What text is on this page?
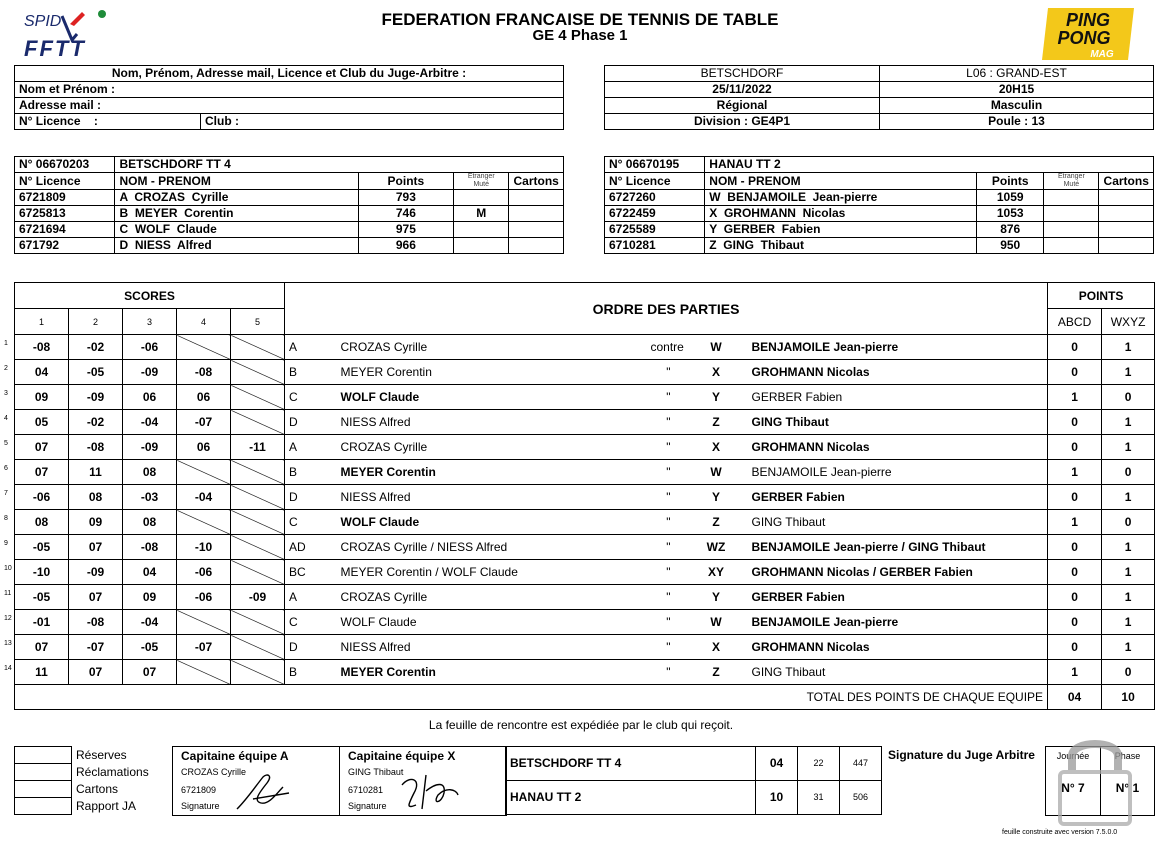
SPID
FFTT
FEDERATION FRANCAISE DE TENNIS DE TABLE
GE 4 Phase 1
PING
PONG
MAG
Nom, Prénom, Adresse mail, Licence et Club du Juge-Arbitre :
Nom et Prénom :
Adresse mail :
N° Licence    :	Club :
BETSCHDORF	L06 : GRAND-EST
25/11/2022	20H15
Régional	Masculin
Division : GE4P1	Poule : 13
N° 06670203	BETSCHDORF TT 4			
N° Licence	NOM - PRENOM	Points	Etranger
Muté	Cartons
6721809	A  CROZAS  Cyrille	793		
6725813	B  MEYER  Corentin	746	M	
6721694	C  WOLF  Claude	975		
671792	D  NIESS  Alfred	966		
N° 06670195	HANAU TT 2			
N° Licence	NOM - PRENOM	Points	Etranger
Muté	Cartons
6727260	W  BENJAMOILE  Jean-pierre	1059		
6722459	X  GROHMANN  Nicolas	1053		
6725589	Y  GERBER  Fabien	876		
6710281	Z  GING  Thibaut	950		
1
2
3
4
5
6
7
8
9
10
11
12
13
14
SCORES					ORDRE DES PARTIES					POINTS	
1	2	3	4	5						ABCD	WXYZ
-08	-02	-06			A	CROZAS Cyrille	contre	W	BENJAMOILE Jean-pierre	0	1
04	-05	-09	-08		B	MEYER Corentin	"	X	GROHMANN Nicolas	0	1
09	-09	06	06		C	WOLF Claude	"	Y	GERBER Fabien	1	0
05	-02	-04	-07		D	NIESS Alfred	"	Z	GING Thibaut	0	1
07	-08	-09	06	-11	A	CROZAS Cyrille	"	X	GROHMANN Nicolas	0	1
07	11	08			B	MEYER Corentin	"	W	BENJAMOILE Jean-pierre	1	0
-06	08	-03	-04		D	NIESS Alfred	"	Y	GERBER Fabien	0	1
08	09	08			C	WOLF Claude	"	Z	GING Thibaut	1	0
-05	07	-08	-10		AD	CROZAS Cyrille / NIESS Alfred	"	WZ	BENJAMOILE Jean-pierre / GING Thibaut	0	1
-10	-09	04	-06		BC	MEYER Corentin / WOLF Claude	"	XY	GROHMANN Nicolas / GERBER Fabien	0	1
-05	07	09	-06	-09	A	CROZAS Cyrille	"	Y	GERBER Fabien	0	1
-01	-08	-04			C	WOLF Claude	"	W	BENJAMOILE Jean-pierre	0	1
07	-07	-05	-07		D	NIESS Alfred	"	X	GROHMANN Nicolas	0	1
11	07	07			B	MEYER Corentin	"	Z	GING Thibaut	1	0
TOTAL DES POINTS DE CHAQUE EQUIPE										04	10
La feuille de rencontre est expédiée par le club qui reçoit.
	Réserves
	Réclamations
	Cartons
	Rapport JA
Capitaine équipe A
CROZAS Cyrille
6721809
Signature
Capitaine équipe X
GING Thibaut
6710281
Signature
BETSCHDORF TT 4	04	22	447
HANAU TT 2	10	31	506
Signature du Juge Arbitre	Journée
N° 7
Phase
N° 1
feuille construite avec version 7.5.0.0
